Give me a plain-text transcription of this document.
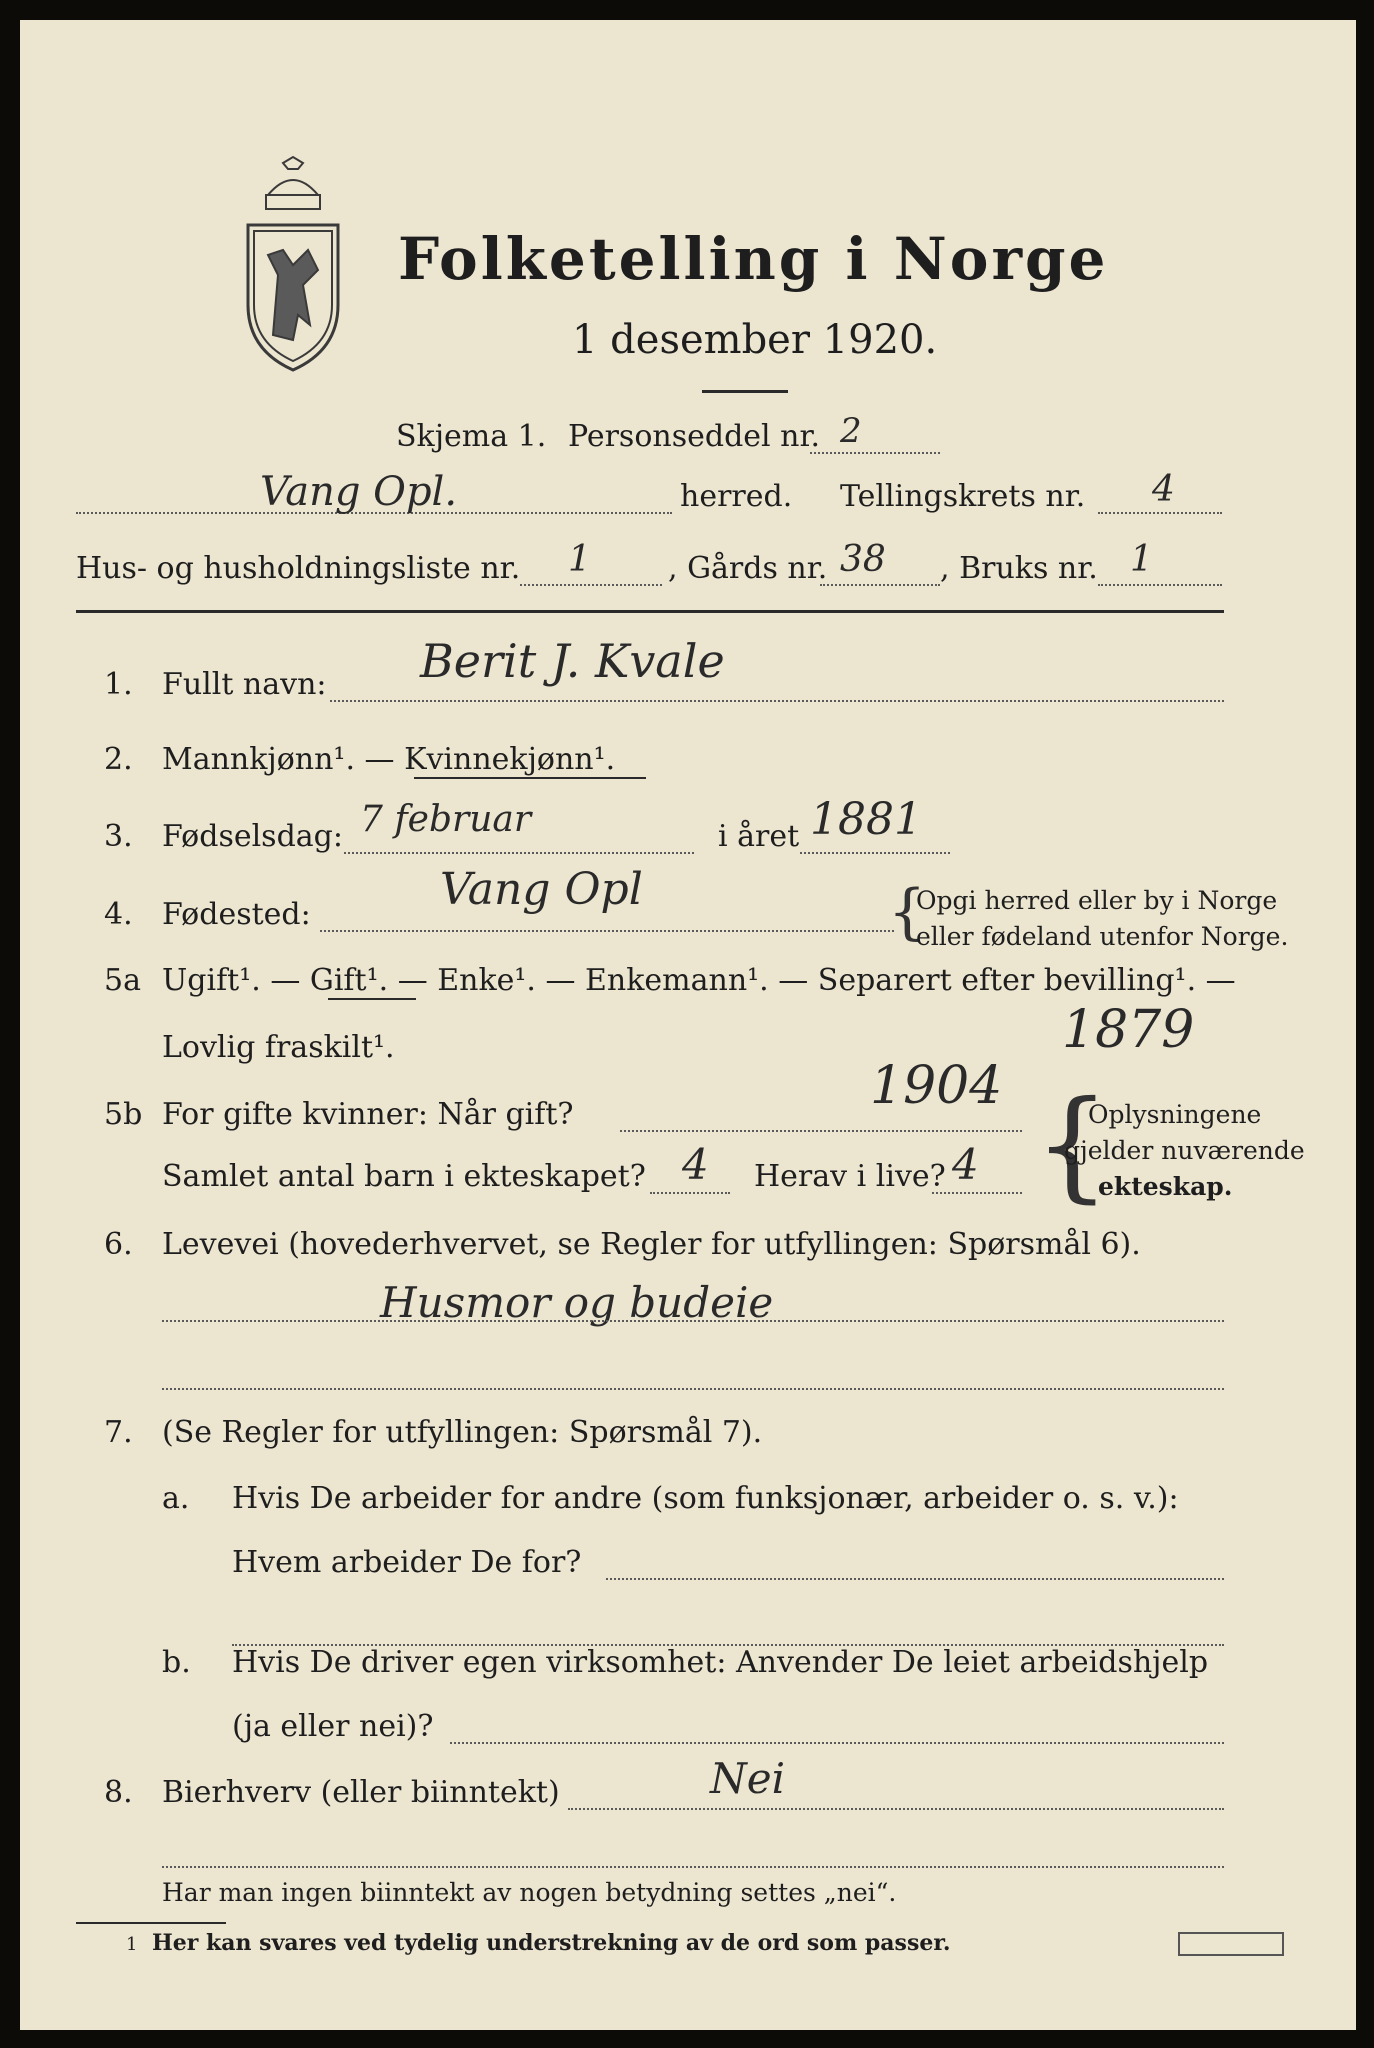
Folketelling i Norge
1 desember 1920.
Skjema 1. Personseddel nr. 2
Vang Opl.	herred. Tellingskrets nr. 4
Hus- og husholdningsliste nr. 1	, Gårds nr. 38 , Bruks nr. 1
1. Fullt navn: Berit J. Kvale
2. Mannkjønn¹. — Kvinnekjønn¹.
3. Fødselsdag: 7 februar	i året 1881
4. Fødested:	Vang Opl	{
Opgi herred eller by i Norge
eller fødeland utenfor Norge.
5a Ugift¹. — Gift¹. — Enke¹. — Enkemann¹. — Separert efter bevilling¹. —
Lovlig fraskilt¹.	1879
5b For gifte kvinner: Når gift?	1904
Samlet antal barn i ekteskapet? 4 Herav i live? 4 {
Oplysningene
gjelder nuværende
ekteskap.
6. Levevei (hovederhvervet, se Regler for utfyllingen: Spørsmål 6).
Husmor og budeie
7. (Se Regler for utfyllingen: Spørsmål 7).
a. Hvis De arbeider for andre (som funksjonær, arbeider o. s. v.):
Hvem arbeider De for?
b. Hvis De driver egen virksomhet: Anvender De leiet arbeidshjelp
(ja eller nei)?
8. Bierhverv (eller biinntekt)	Nei
Har man ingen biinntekt av nogen betydning settes „nei“.
1 Her kan svares ved tydelig understrekning av de ord som passer.
